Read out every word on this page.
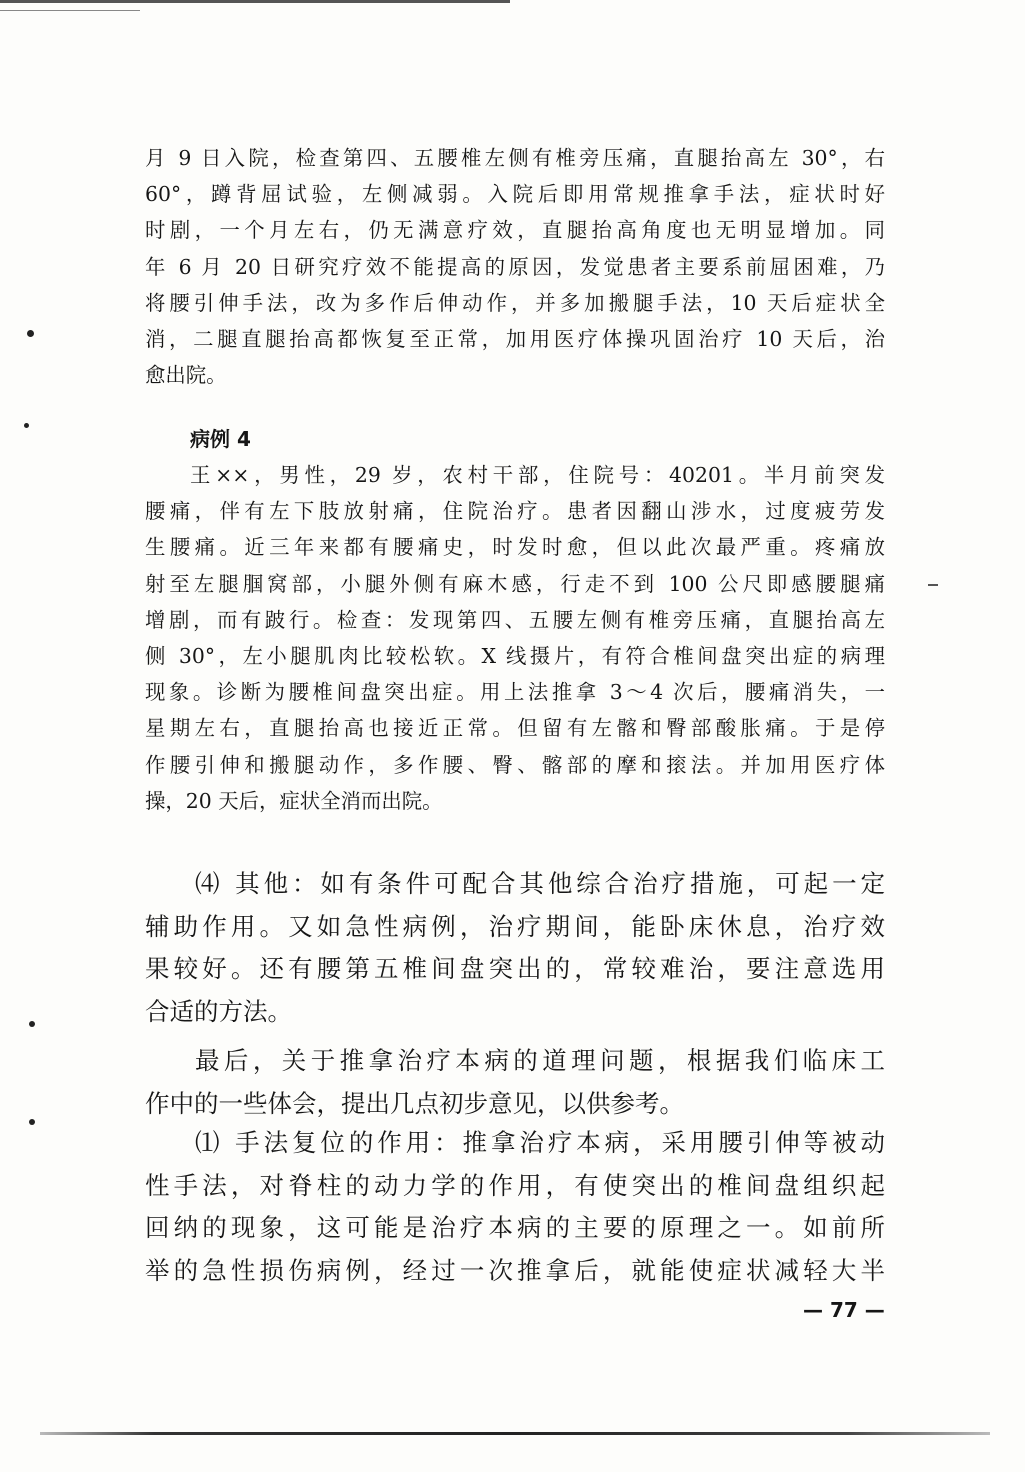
月 9 日入院，检查第四、五腰椎左侧有椎旁压痛，直腿抬高左 30°，右
60°，蹲背屈试验，左侧减弱。入院后即用常规推拿手法，症状时好
时剧，一个月左右，仍无满意疗效，直腿抬高角度也无明显增加。同
年 6 月 20 日研究疗效不能提高的原因，发觉患者主要系前屈困难，乃
将腰引伸手法，改为多作后伸动作，并多加搬腿手法，10 天后症状全
消，二腿直腿抬高都恢复至正常，加用医疗体操巩固治疗 10 天后，治
愈出院。
病例 4
王××，男性，29 岁，农村干部，住院号：40201。半月前突发
腰痛，伴有左下肢放射痛，住院治疗。患者因翻山涉水，过度疲劳发
生腰痛。近三年来都有腰痛史，时发时愈，但以此次最严重。疼痛放
射至左腿腘窝部，小腿外侧有麻木感，行走不到 100 公尺即感腰腿痛
增剧，而有跛行。检查：发现第四、五腰左侧有椎旁压痛，直腿抬高左
侧 30°，左小腿肌肉比较松软。X 线摄片，有符合椎间盘突出症的病理
现象。诊断为腰椎间盘突出症。用上法推拿 3～4 次后，腰痛消失，一
星期左右，直腿抬高也接近正常。但留有左髂和臀部酸胀痛。于是停
作腰引伸和搬腿动作，多作腰、臀、髂部的摩和㨰法。并加用医疗体
操，20 天后，症状全消而出院。
⑷ 其他：如有条件可配合其他综合治疗措施，可起一定
辅助作用。又如急性病例，治疗期间，能卧床休息，治疗效
果较好。还有腰第五椎间盘突出的，常较难治，要注意选用
合适的方法。
最后，关于推拿治疗本病的道理问题，根据我们临床工
作中的一些体会，提出几点初步意见，以供参考。
⑴ 手法复位的作用：推拿治疗本病，采用腰引伸等被动
性手法，对脊柱的动力学的作用，有使突出的椎间盘组织起
回纳的现象，这可能是治疗本病的主要的原理之一。如前所
举的急性损伤病例，经过一次推拿后，就能使症状减轻大半
— 77 —
